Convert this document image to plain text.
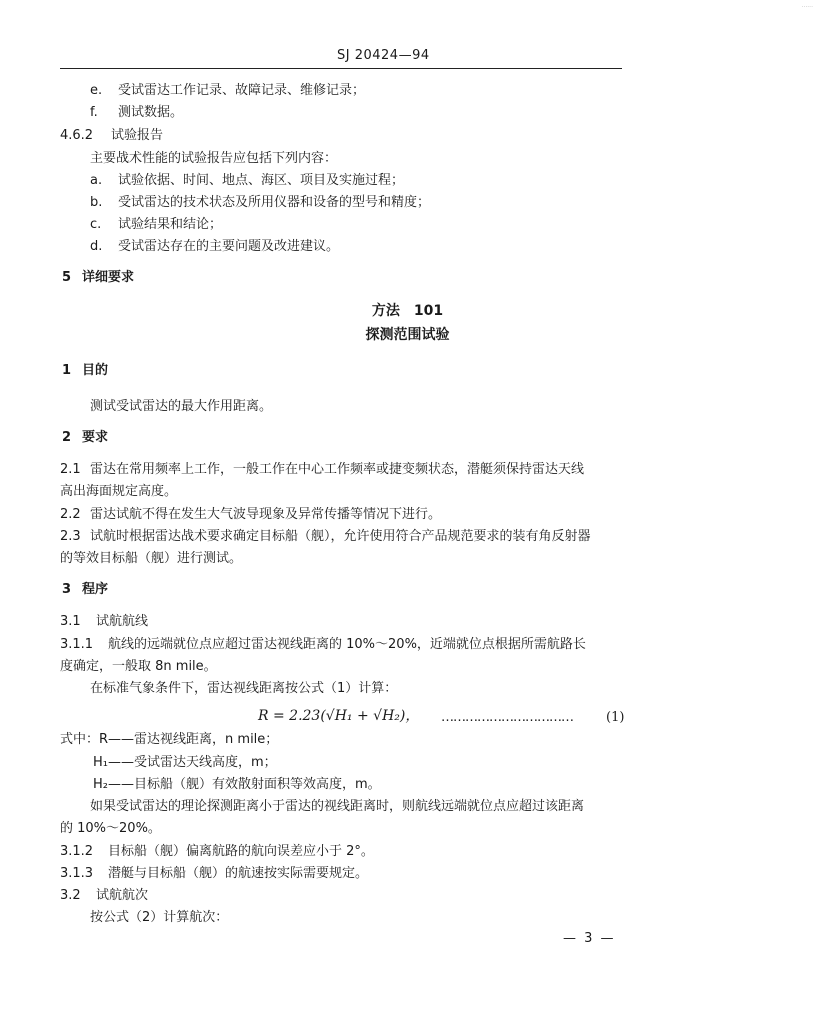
......
SJ 20424—94
e. 受试雷达工作记录、故障记录、维修记录；
f. 测试数据。
4.6.2 试验报告
主要战术性能的试验报告应包括下列内容：
a. 试验依据、时间、地点、海区、项目及实施过程；
b. 受试雷达的技术状态及所用仪器和设备的型号和精度；
c. 试验结果和结论；
d. 受试雷达存在的主要问题及改进建议。
5 详细要求
方法　101
探测范围试验
1 目的
测试受试雷达的最大作用距离。
2 要求
2.1 雷达在常用频率上工作，一般工作在中心工作频率或捷变频状态，潜艇须保持雷达天线
高出海面规定高度。
2.2 雷达试航不得在发生大气波导现象及异常传播等情况下进行。
2.3 试航时根据雷达战术要求确定目标船（舰），允许使用符合产品规范要求的装有角反射器
的等效目标船（舰）进行测试。
3 程序
3.1 试航航线
3.1.1 航线的远端就位点应超过雷达视线距离的 10%～20%，近端就位点根据所需航路长
度确定，一般取 8n mile。
在标准气象条件下，雷达视线距离按公式（1）计算：
R = 2.23(√H₁ + √H₂)， ……………………………	(1)
式中：R——雷达视线距离，n mile；
H₁——受试雷达天线高度，m；
H₂——目标船（舰）有效散射面积等效高度，m。
如果受试雷达的理论探测距离小于雷达的视线距离时，则航线远端就位点应超过该距离
的 10%～20%。
3.1.2 目标船（舰）偏离航路的航向误差应小于 2°。
3.1.3 潜艇与目标船（舰）的航速按实际需要规定。
3.2 试航航次
按公式（2）计算航次：
— 3 —
